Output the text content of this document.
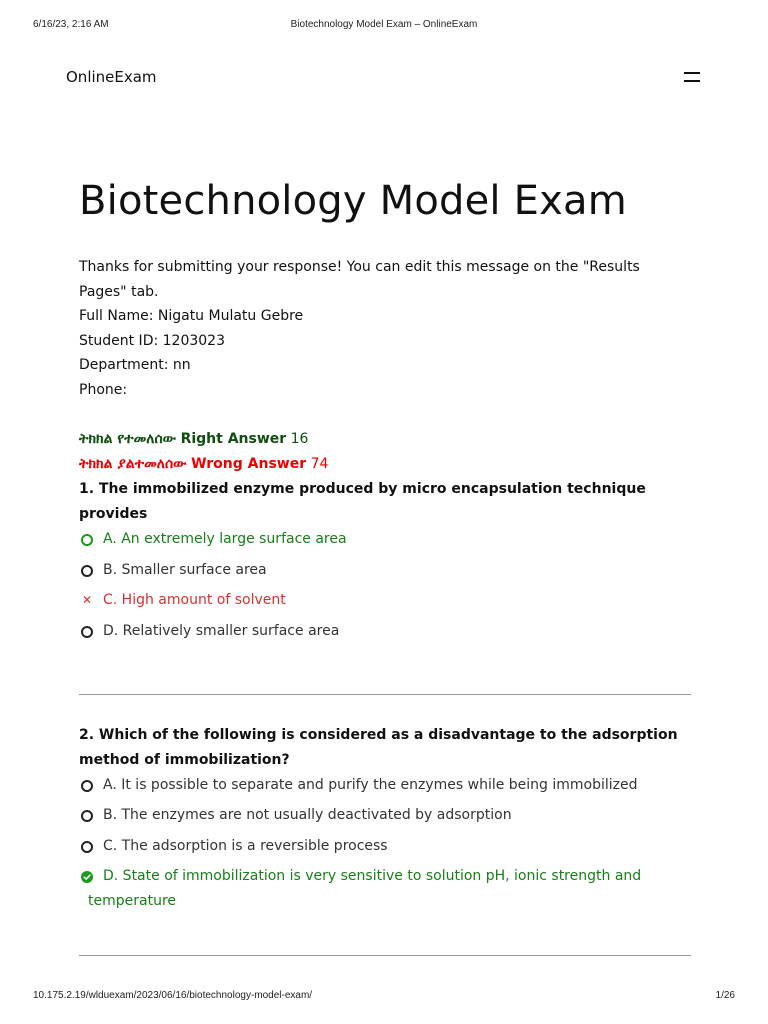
6/16/23, 2:16 AM	Biotechnology Model Exam – OnlineExam
OnlineExam
Biotechnology Model Exam

Thanks for submitting your response! You can edit this message on the "Results Pages" tab.

Full Name: Nigatu Mulatu Gebre

Student ID: 1203023

Department: nn

Phone:

ትክክል የተመለሰው Right Answer 16
ትክክል ያልተመለሰው Wrong Answer 74

1. The immobilized enzyme produced by micro encapsulation technique provides

A. An extremely large surface area
B. Smaller surface area
✕ C. High amount of solvent
D. Relatively smaller surface area

2. Which of the following is considered as a disadvantage to the adsorption method of immobilization?

A. It is possible to separate and purify the enzymes while being immobilized
B. The enzymes are not usually deactivated by adsorption
C. The adsorption is a reversible process
D. State of immobilization is very sensitive to solution pH, ionic strength and temperature
10.175.2.19/wlduexam/2023/06/16/biotechnology-model-exam/	1/26
